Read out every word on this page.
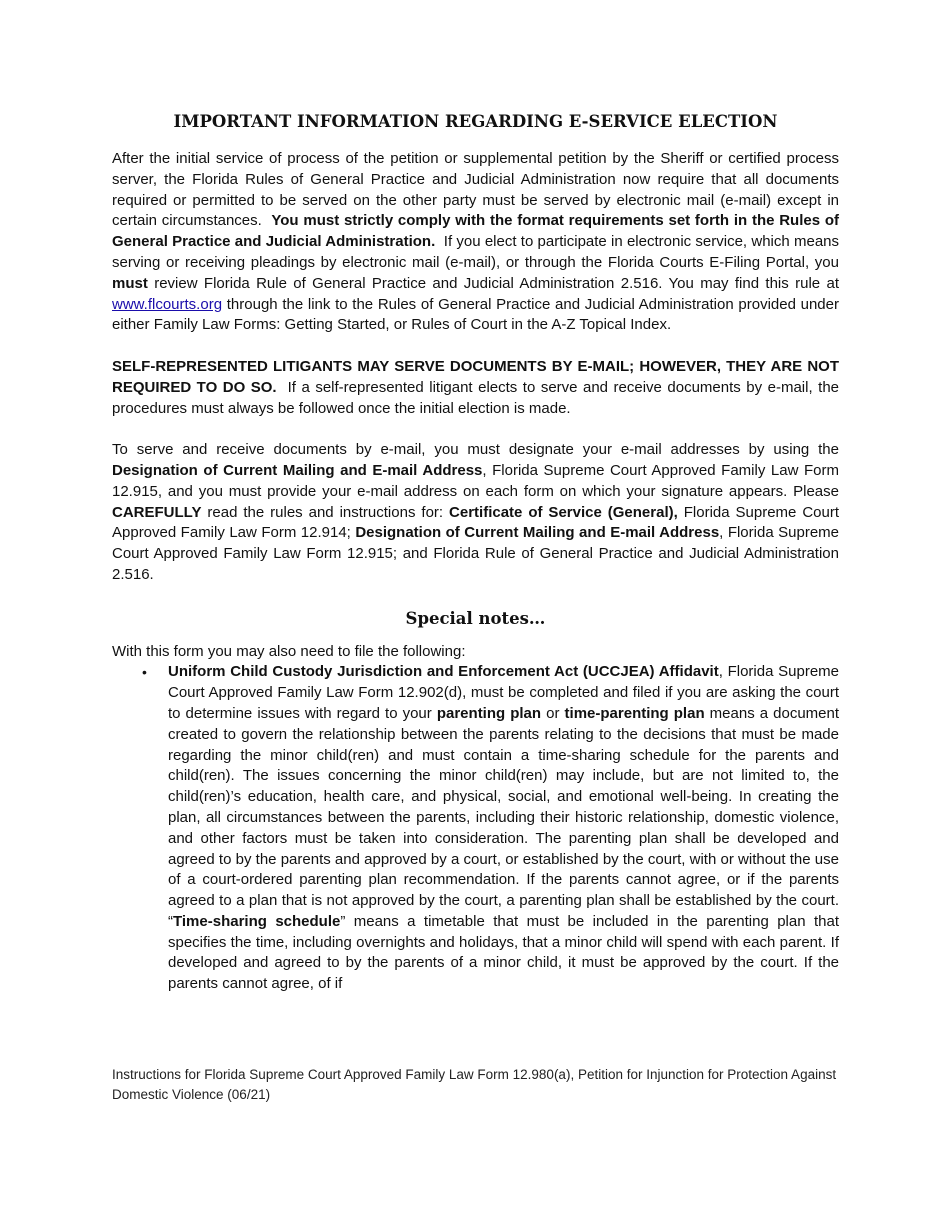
IMPORTANT INFORMATION REGARDING E-SERVICE ELECTION

After the initial service of process of the petition or supplemental petition by the Sheriff or certified process server, the Florida Rules of General Practice and Judicial Administration now require that all documents required or permitted to be served on the other party must be served by electronic mail (e-mail) except in certain circumstances. You must strictly comply with the format requirements set forth in the Rules of General Practice and Judicial Administration. If you elect to participate in electronic service, which means serving or receiving pleadings by electronic mail (e-mail), or through the Florida Courts E-Filing Portal, you must review Florida Rule of General Practice and Judicial Administration 2.516. You may find this rule at www.flcourts.org through the link to the Rules of General Practice and Judicial Administration provided under either Family Law Forms: Getting Started, or Rules of Court in the A-Z Topical Index.

SELF-REPRESENTED LITIGANTS MAY SERVE DOCUMENTS BY E-MAIL; HOWEVER, THEY ARE NOT REQUIRED TO DO SO. If a self-represented litigant elects to serve and receive documents by e-mail, the procedures must always be followed once the initial election is made.

To serve and receive documents by e-mail, you must designate your e-mail addresses by using the Designation of Current Mailing and E-mail Address, Florida Supreme Court Approved Family Law Form 12.915, and you must provide your e-mail address on each form on which your signature appears. Please CAREFULLY read the rules and instructions for: Certificate of Service (General), Florida Supreme Court Approved Family Law Form 12.914; Designation of Current Mailing and E-mail Address, Florida Supreme Court Approved Family Law Form 12.915; and Florida Rule of General Practice and Judicial Administration 2.516.

Special notes…

With this form you may also need to file the following:

• Uniform Child Custody Jurisdiction and Enforcement Act (UCCJEA) Affidavit, Florida Supreme Court Approved Family Law Form 12.902(d), must be completed and filed if you are asking the court to determine issues with regard to your parenting plan or time-parenting plan means a document created to govern the relationship between the parents relating to the decisions that must be made regarding the minor child(ren) and must contain a time-sharing schedule for the parents and child(ren). The issues concerning the minor child(ren) may include, but are not limited to, the child(ren)’s education, health care, and physical, social, and emotional well-being. In creating the plan, all circumstances between the parents, including their historic relationship, domestic violence, and other factors must be taken into consideration. The parenting plan shall be developed and agreed to by the parents and approved by a court, or established by the court, with or without the use of a court-ordered parenting plan recommendation. If the parents cannot agree, or if the parents agreed to a plan that is not approved by the court, a parenting plan shall be established by the court. “Time-sharing schedule” means a timetable that must be included in the parenting plan that specifies the time, including overnights and holidays, that a minor child will spend with each parent. If developed and agreed to by the parents of a minor child, it must be approved by the court. If the parents cannot agree, of if
Instructions for Florida Supreme Court Approved Family Law Form 12.980(a), Petition for Injunction for Protection Against Domestic Violence (06/21)
